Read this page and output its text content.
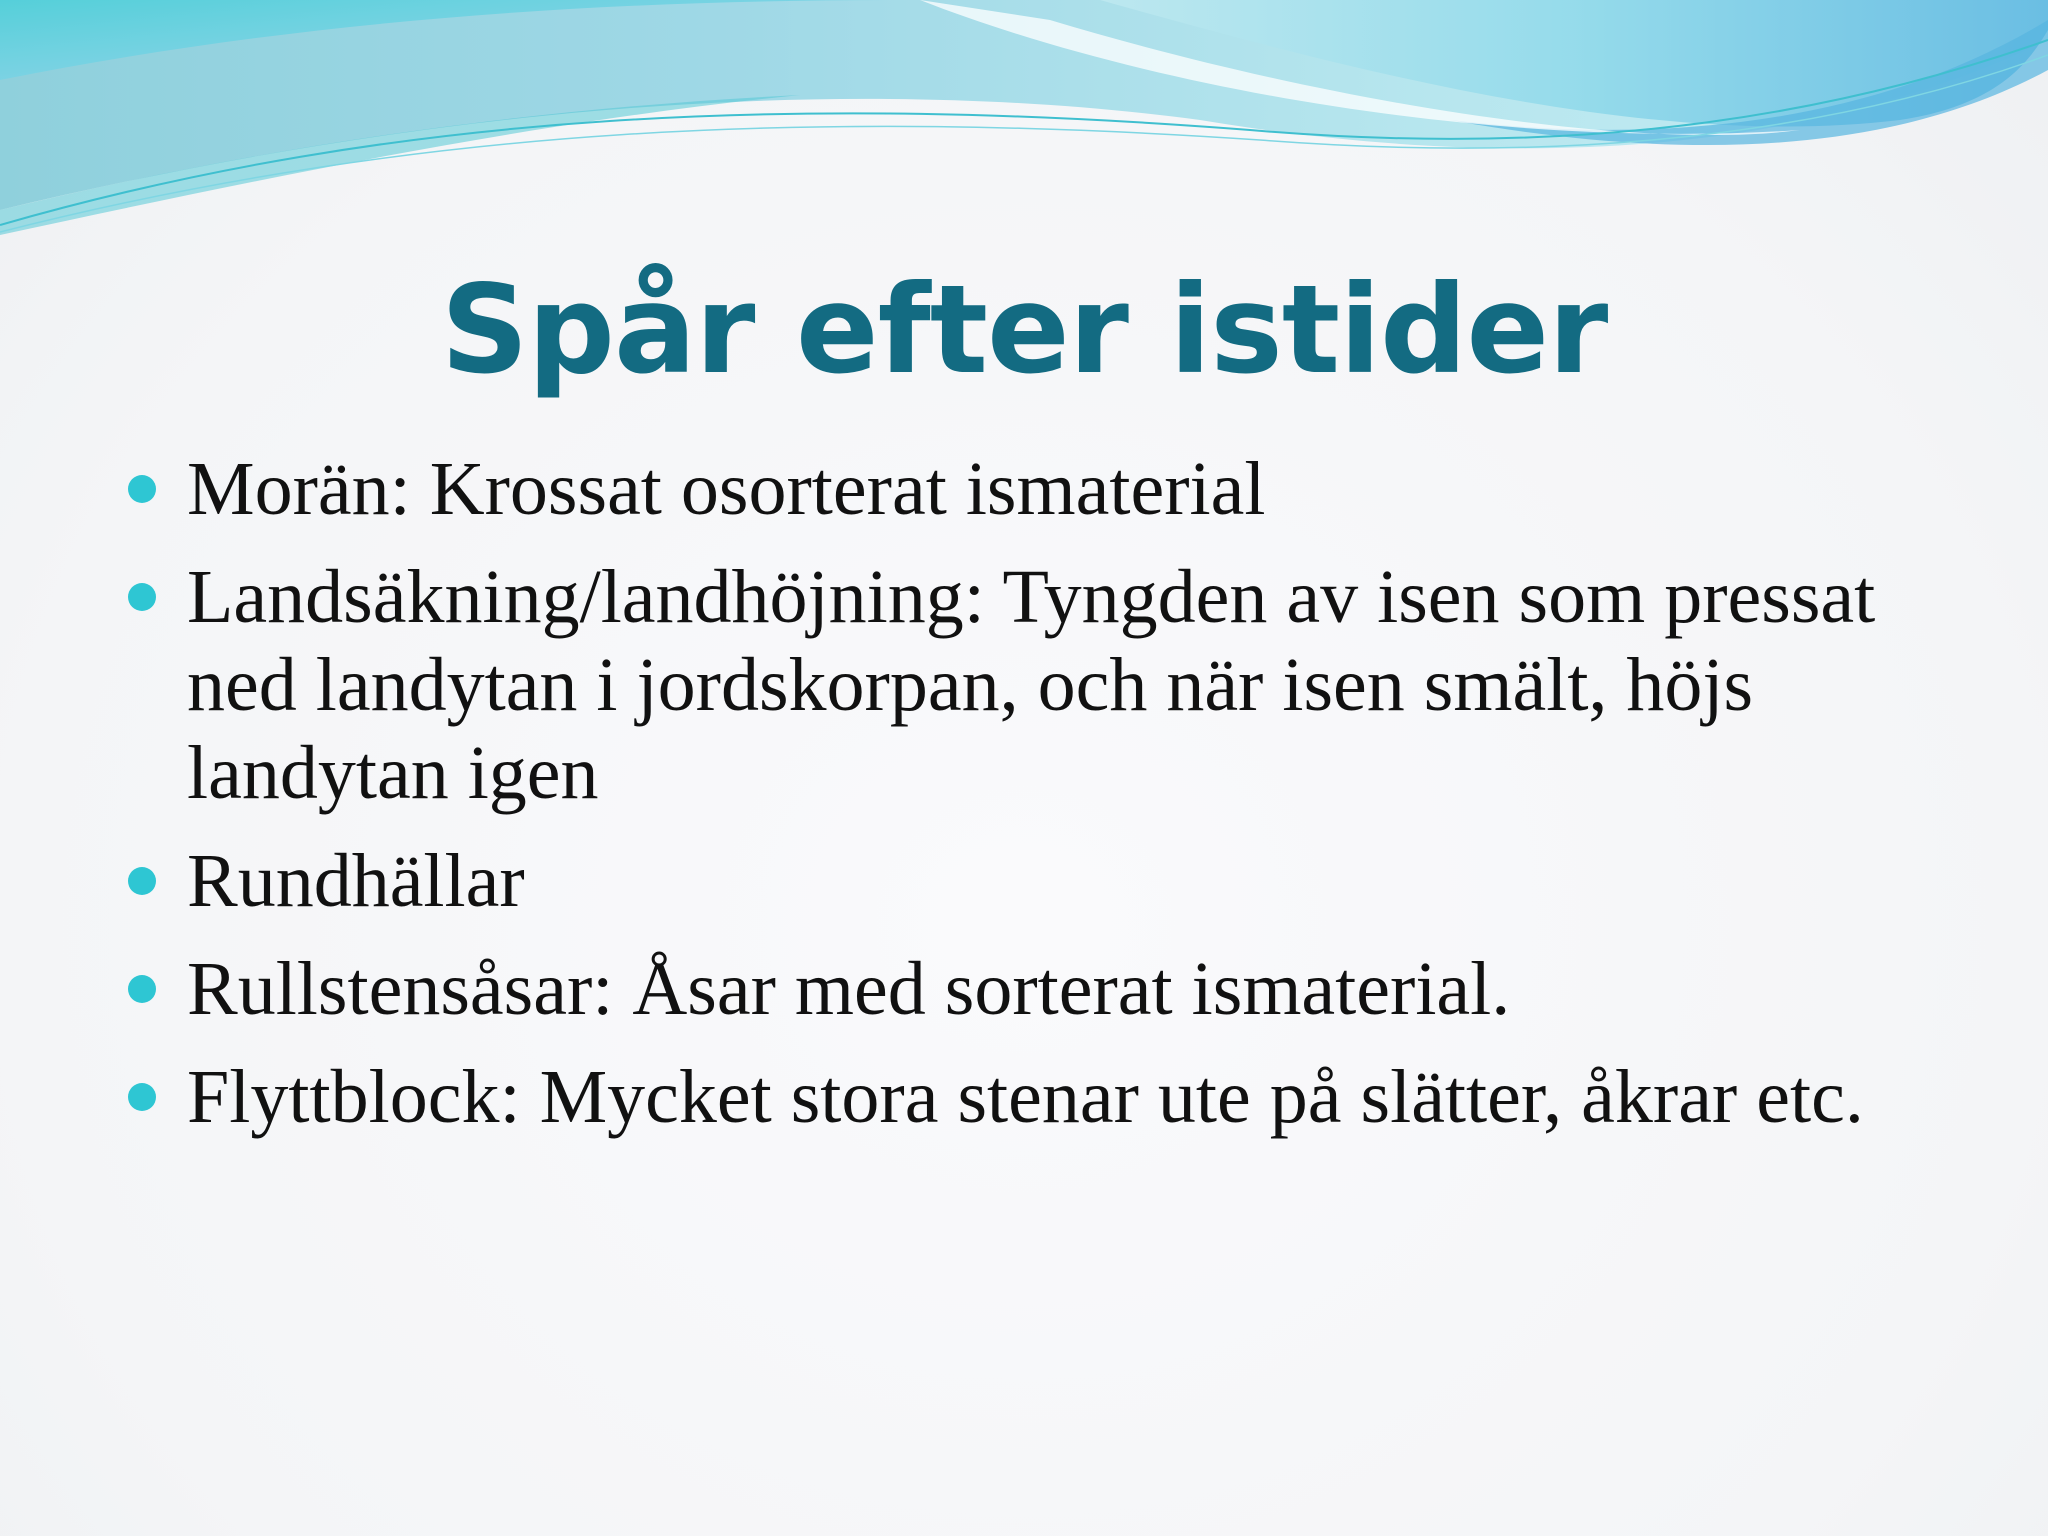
Spår efter istider
Morän: Krossat osorterat ismaterial
Landsäkning/landhöjning: Tyngden av isen som pressat ned landytan i jordskorpan, och när isen smält, höjs landytan igen
Rundhällar
Rullstensåsar: Åsar med sorterat ismaterial.
Flyttblock: Mycket stora stenar ute på slätter, åkrar etc.
